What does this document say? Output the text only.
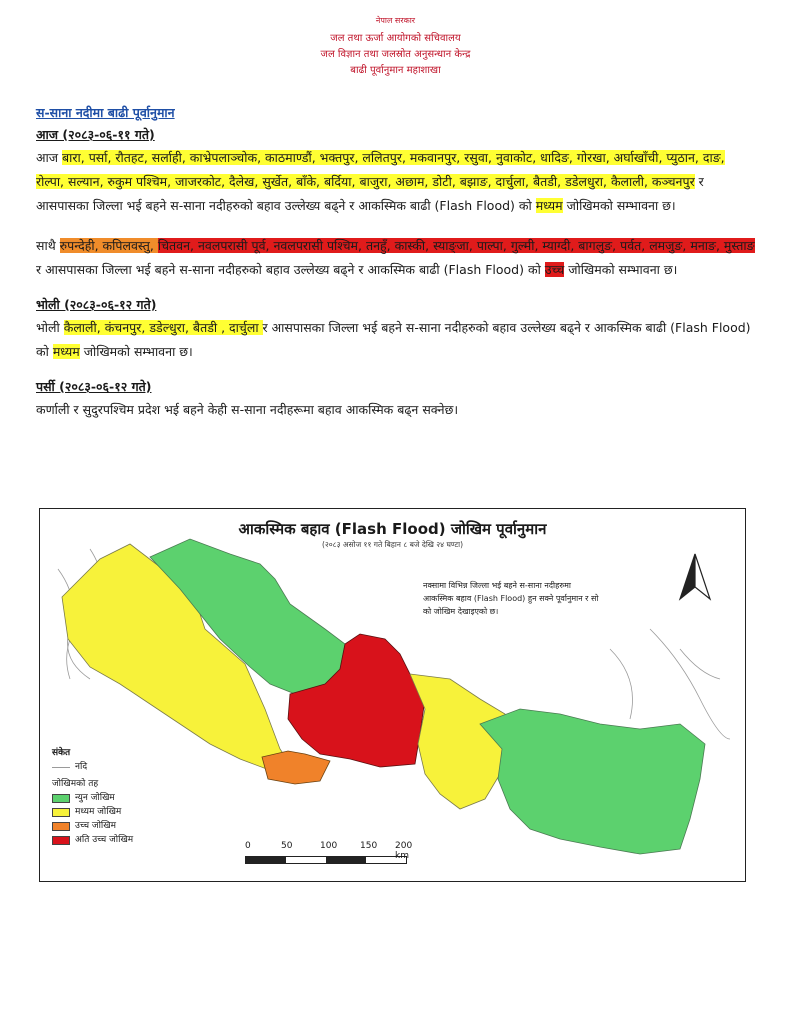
नेपाल सरकार
जल तथा ऊर्जा आयोगको सचिवालय
जल विज्ञान तथा जलस्रोत अनुसन्धान केन्द्र
बाढी पूर्वानुमान महाशाखा
स-साना नदीमा बाढी पूर्वानुमान
आज (२०८३-०६-११ गते)

आज बारा, पर्सा, रौतहट, सर्लाही, काभ्रेपलाञ्चोक, काठमाण्डौं, भक्तपुर, ललितपुर, मकवानपुर, रसुवा, नुवाकोट, धादिङ, गोरखा, अर्घाखाँची, प्युठान, दाङ, रोल्पा, सल्यान, रुकुम पश्चिम, जाजरकोट, दैलेख, सुर्खेत, बाँके, बर्दिया, बाजुरा, अछाम, डोटी, बझाङ, दार्चुला, बैतडी, डडेलधुरा, कैलाली, कञ्चनपुर र आसपासका जिल्ला भई बहने स-साना नदीहरुको बहाव उल्लेख्य बढ्ने र आकस्मिक बाढी (Flash Flood) को मध्यम जोखिमको सम्भावना छ।

साथै रुपन्देही, कपिलवस्तु, चितवन, नवलपरासी पूर्व, नवलपरासी पश्चिम, तनहुँ, कास्की, स्याङ्जा, पाल्पा, गुल्मी, म्याग्दी, बागलुङ, पर्वत, लमजुङ, मनाङ, मुस्ताङ र आसपासका जिल्ला भई बहने स-साना नदीहरुको बहाव उल्लेख्य बढ्ने र आकस्मिक बाढी (Flash Flood) को उच्च जोखिमको सम्भावना छ।

भोली (२०८३-०६-१२ गते)

भोली कैलाली, कंचनपुर, डडेल्धुरा, बैतडी , दार्चुला र आसपासका जिल्ला भई बहने स-साना नदीहरुको बहाव उल्लेख्य बढ्ने र आकस्मिक बाढी (Flash Flood) को मध्यम जोखिमको सम्भावना छ।

पर्सी (२०८३-०६-१२ गते)

कर्णाली र सुदुरपश्चिम प्रदेश भई बहने केही स-साना नदीहरूमा बहाव आकस्मिक बढ्न सक्नेछ।

आकस्मिक बहाव (Flash Flood) जोखिम पूर्वानुमान
(२०८३ असोज ११ गते बिहान ८ बजे देखि २४ घण्टा)
नक्सामा विभिन्न जिल्ला भई बहने स-साना नदीहरुमा आकस्मिक बहाव (Flash Flood) हुन सक्ने पूर्वानुमान र सो को जोखिम देखाइएको छ।
संकेत
नदि
जोखिमको तह
न्युन जोखिम
मध्यम जोखिम
उच्च जोखिम
अति उच्च जोखिम
0	50	100	150 200 km
